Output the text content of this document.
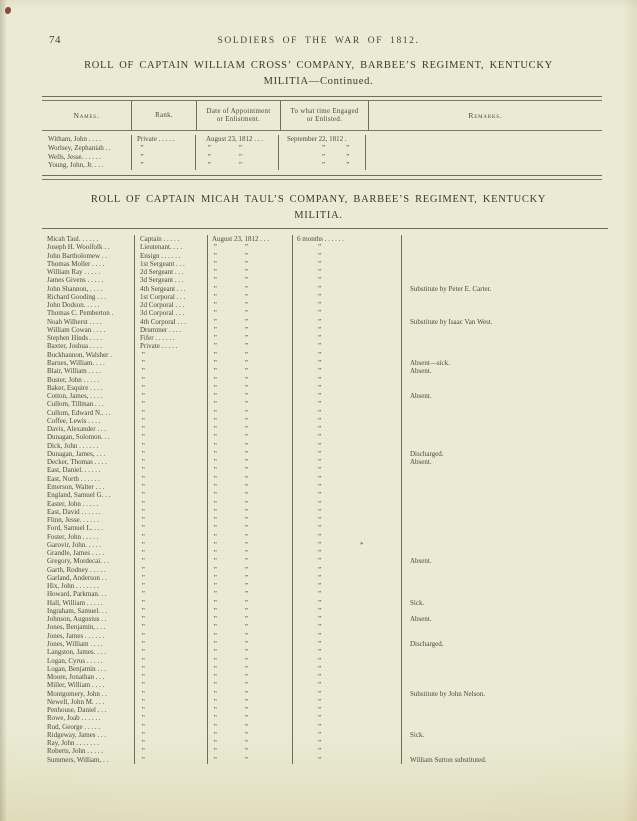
*
74	SOLDIERS OF THE WAR OF 1812.
ROLL OF CAPTAIN WILLIAM CROSS’ COMPANY, BARBEE’S REGIMENT, KENTUCKY
MILITIA—Continued.
Names.	Rank.
Date of Appointment
or Enlistment.
To what time Engaged
or Enlisted.	Remarks.
Witham, John . . . .	Private . . . . .	August 23, 1812 . . .	September 22, 1812 .
Worlsey, Zephaniah . .	”	”    ”	     ”   ”
Wells, Jesse. . . . . .	”	”    ”	     ”   ”
Young, John, Jr. . . .	”	”    ”	     ”   ”
ROLL OF CAPTAIN MICAH TAUL’S COMPANY, BARBEE’S REGIMENT, KENTUCKY
MILITIA.
Micah Taul. . . . . .	Captain . . . . .	August 23, 1812 . . .	6 months . . . . . .
Joseph H. Woolfolk . .	Lieutenant. . . .	”    ”	   ”
John Bartholomew . .	Ensign . . . . . .	”    ”	   ”
Thomas Moller . . . .	1st Sergeant . . .	”    ”	   ”
William Ray . . . . .	2d Sergeant . . .	”    ”	   ”
James Givens . . . . .	3d Sergeant . . .	”    ”	   ”
John Shannon, . . . .	4th Sergeant . . .	”    ”	   ”	Substitute by Peter E. Carter.
Richard Gooding . . .	1st Corporal . . .	”    ”	   ”
John Dodson. . . . .	2d Corporal . . .	”    ”	   ”
Thomas C. Pemberton .	3d Corporal . . .	”    ”	   ”
Noah Wilherst . . . .	4th Corporal . . .	”    ”	   ”	Substitute by Isaac Van West.
William Cowan . . . .	Drummer . . . .	”    ”	   ”
Stephen Hinds . . . .	Fifer . . . . . .	”    ”	   ”
Baxter, Joshua . . . .	Private . . . . .	”    ”	   ”
Buckhannon, Walsher .	”	”    ”	   ”
Barnes, William. . . .	”	”    ”	   ”	Absent—sick.
Blair, William . . . .	”	”    ”	   ”	Absent.
Buster, John . . . . .	”	”    ”	   ”
Baker, Esquire . . . .	”	”    ”	   ”
Cotton, James, . . . .	”	”    ”	   ”	Absent.
Cullom, Tillman . . .	”	”    ”	   ”
Cullom, Edward N.. . .	”	”    ”	   ”
Coffee, Lewis . . . .	”	”    ”	   ”
Davis, Alexander . . .	”	”    ”	   ”
Dunagan, Solomon. . .	”	”    ”	   ”
Dick, John . . . . . .	”	”    ”	   ”
Dunagan, James, . . .	”	”    ”	   ”	Discharged.
Decker, Thomas . . . .	”	”    ”	   ”	Absent.
East, Daniel. . . . . .	”	”    ”	   ”
East, North . . . . . .	”	”    ”	   ”
Emerson, Walter . . .	”	”    ”	   ”
England, Samuel G. . .	”	”    ”	   ”
Easter, John . . . . .	”	”    ”	   ”
East, David . . . . . .	”	”    ”	   ”
Flinn, Jesse. . . . . .	”	”    ”	   ”
Ford, Samuel L. . . .	”	”    ”	   ”
Foster, John . . . . .	”	”    ”	   ”
Garovir, John. . . . .	”	”    ”	   ”
Grandle, James . . . .	”	”    ”	   ”
Gregory, Mordecai. . .	”	”    ”	   ”	Absent.
Garth, Rodney . . . . .	”	”    ”	   ”
Garland, Anderson . .	”	”    ”	   ”
Hix, John . . . . . . .	”	”    ”	   ”
Howard, Parkman. . .	”	”    ”	   ”
Hall, William . . . . .	”	”    ”	   ”	Sick.
Ingraham, Samuel. . .	”	”    ”	   ”
Johnson, Augustus . .	”	”    ”	   ”	Absent.
Jones, Benjamin, . . .	”	”    ”	   ”
Jones, James . . . . . .	”	”    ”	   ”
Jones, William . . . .	”	”    ”	   ”	Discharged.
Langston, James. . . .	”	”    ”	   ”
Logan, Cyrus . . . . .	”	”    ”	   ”
Logan, Benjamin . . .	”	”    ”	   ”
Moore, Jonathan . . .	”	”    ”	   ”
Miller, William . . . .	”	”    ”	   ”
Montgomery, John . .	”	”    ”	   ”	Substitute by John Nelson.
Newell, John M. . . .	”	”    ”	   ”
Penhouse, Daniel . . .	”	”    ”	   ”
Rowe, Joab . . . . . .	”	”    ”	   ”
Rud, George . . . . .	”	”    ”	   ”
Ridgeway, James . . .	”	”    ”	   ”	Sick.
Ray, John . . . . . . .	”	”    ”	   ”
Roberts, John . . . . .	”	”    ”	   ”
Summers, William, . .	”	”    ”	   ”	William Sutton substituted.
